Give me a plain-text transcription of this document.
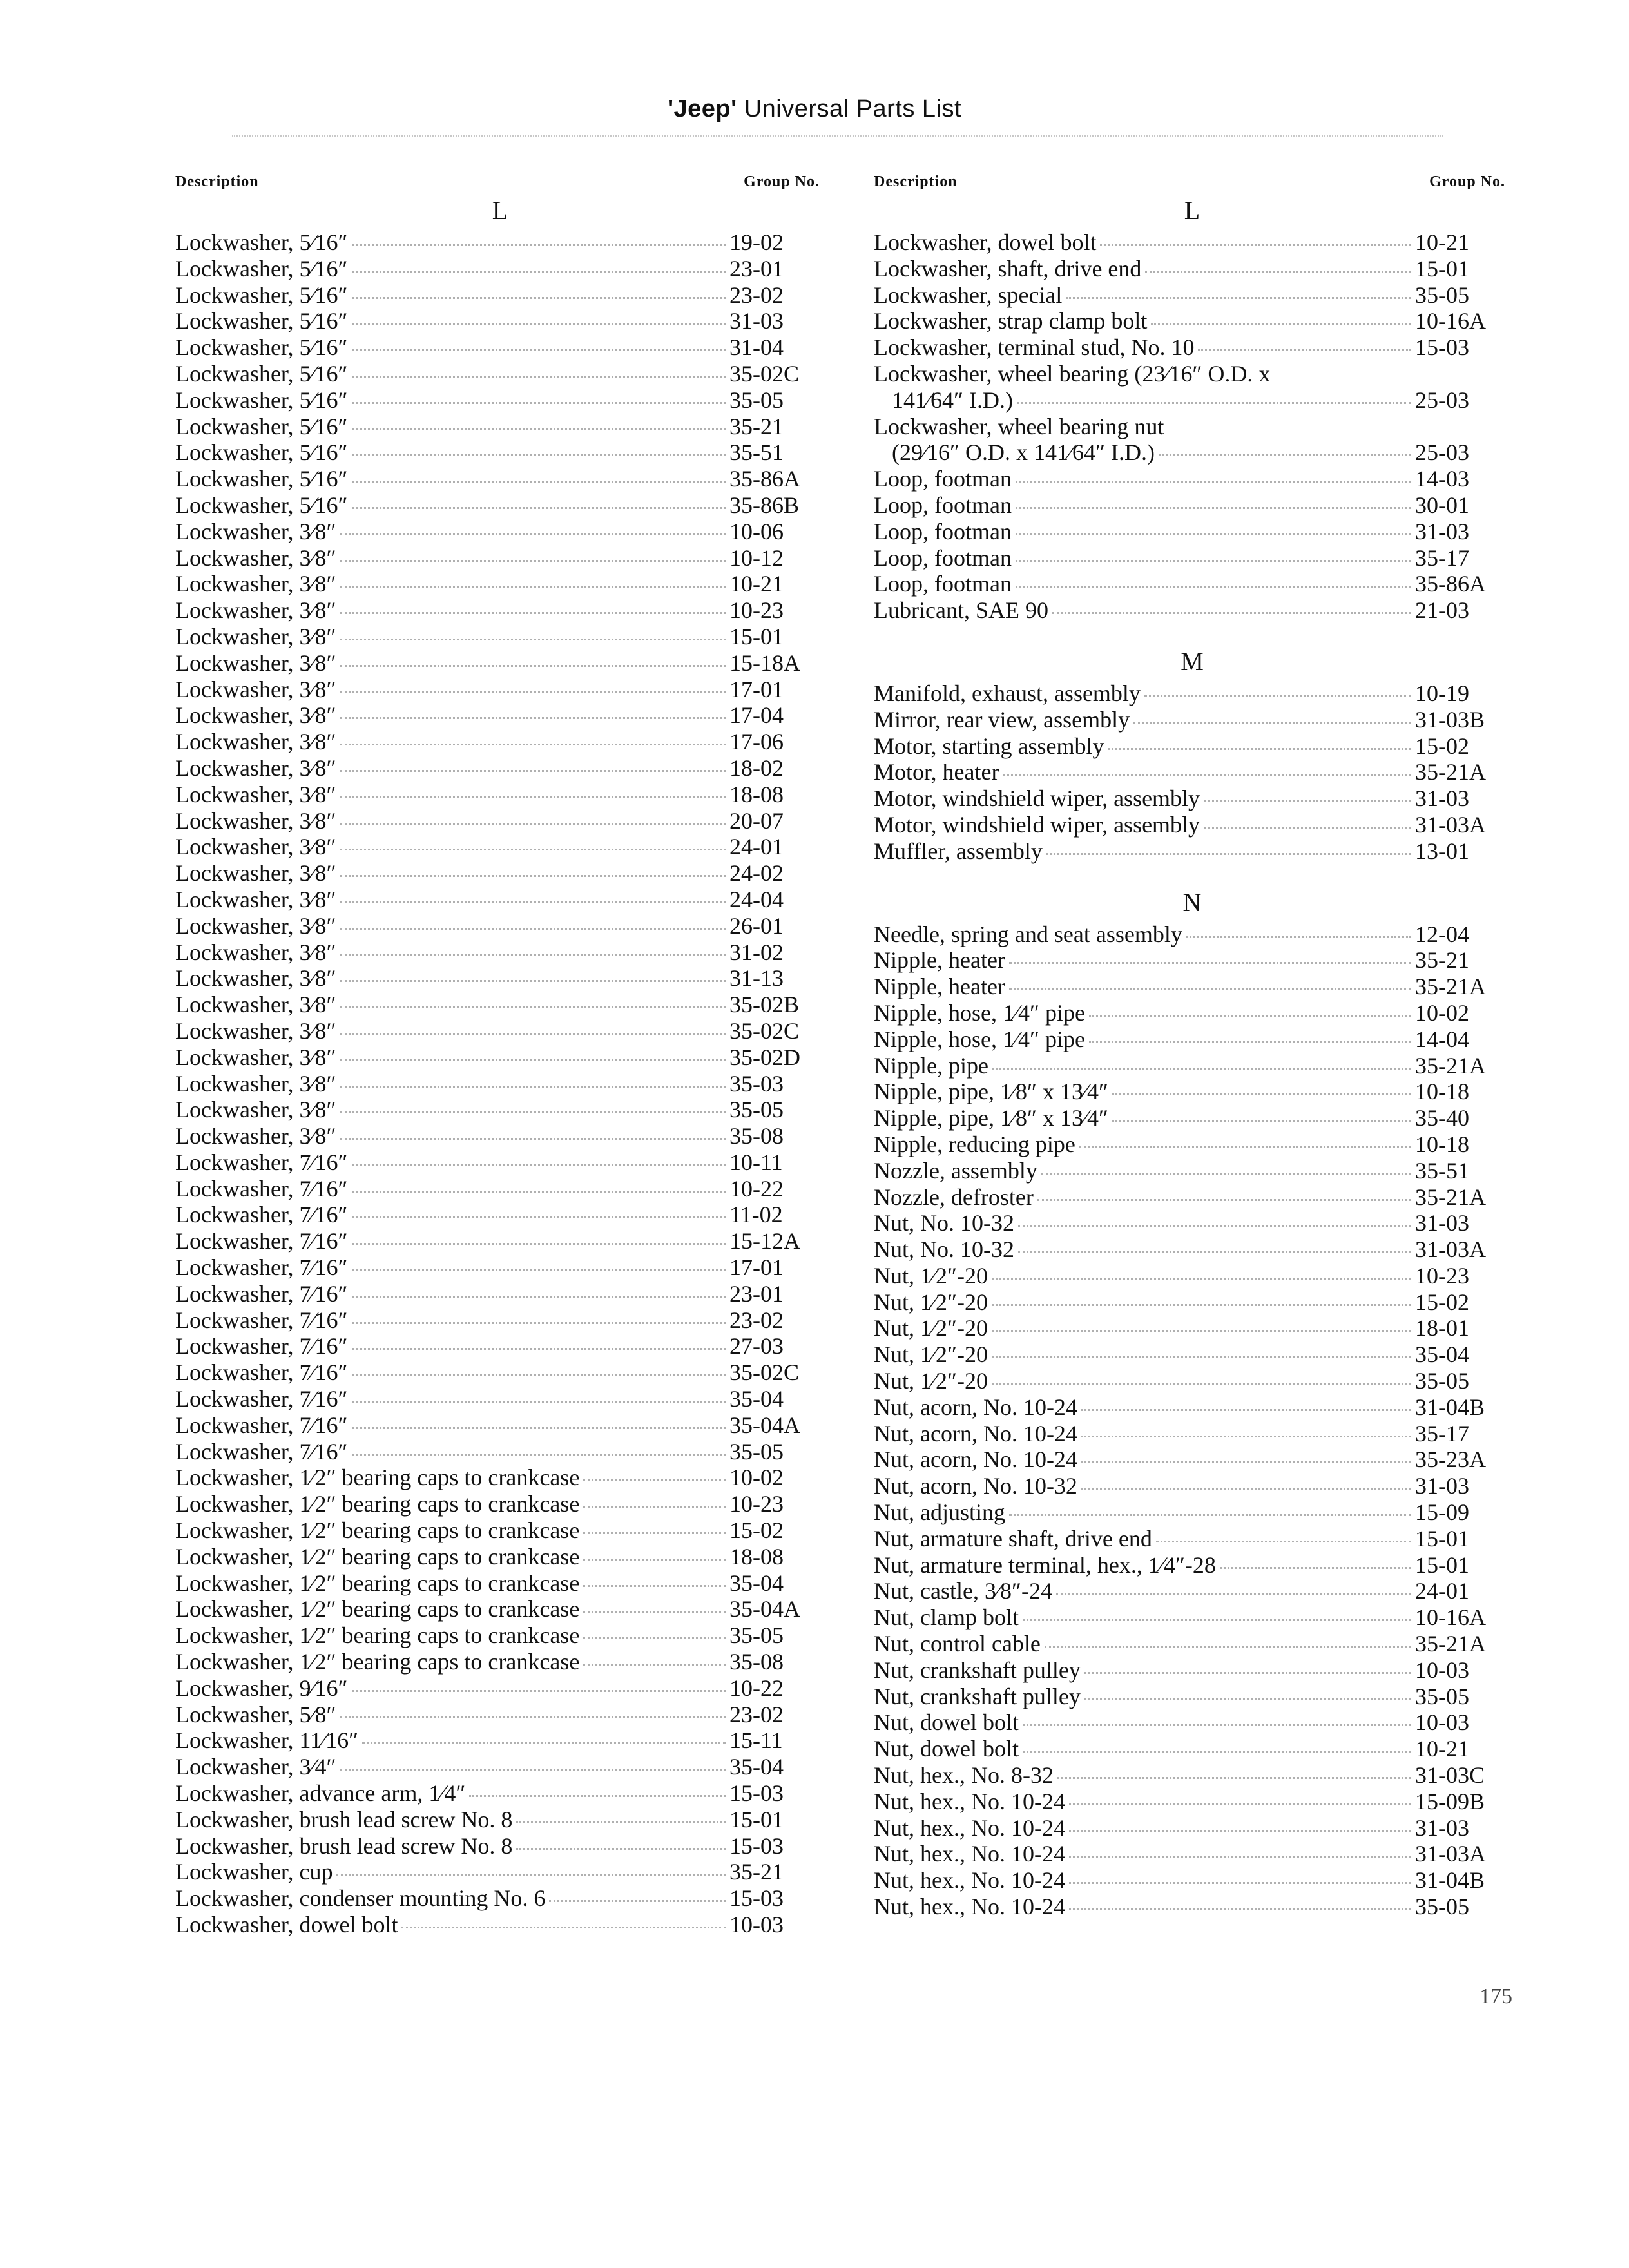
'Jeep' Universal Parts List
Description	Group No.
L
Lockwasher, 5⁄16″	19-02
Lockwasher, 5⁄16″	23-01
Lockwasher, 5⁄16″	23-02
Lockwasher, 5⁄16″	31-03
Lockwasher, 5⁄16″	31-04
Lockwasher, 5⁄16″	35-02C
Lockwasher, 5⁄16″	35-05
Lockwasher, 5⁄16″	35-21
Lockwasher, 5⁄16″	35-51
Lockwasher, 5⁄16″	35-86A
Lockwasher, 5⁄16″	35-86B
Lockwasher, 3⁄8″	10-06
Lockwasher, 3⁄8″	10-12
Lockwasher, 3⁄8″	10-21
Lockwasher, 3⁄8″	10-23
Lockwasher, 3⁄8″	15-01
Lockwasher, 3⁄8″	15-18A
Lockwasher, 3⁄8″	17-01
Lockwasher, 3⁄8″	17-04
Lockwasher, 3⁄8″	17-06
Lockwasher, 3⁄8″	18-02
Lockwasher, 3⁄8″	18-08
Lockwasher, 3⁄8″	20-07
Lockwasher, 3⁄8″	24-01
Lockwasher, 3⁄8″	24-02
Lockwasher, 3⁄8″	24-04
Lockwasher, 3⁄8″	26-01
Lockwasher, 3⁄8″	31-02
Lockwasher, 3⁄8″	31-13
Lockwasher, 3⁄8″	35-02B
Lockwasher, 3⁄8″	35-02C
Lockwasher, 3⁄8″	35-02D
Lockwasher, 3⁄8″	35-03
Lockwasher, 3⁄8″	35-05
Lockwasher, 3⁄8″	35-08
Lockwasher, 7⁄16″	10-11
Lockwasher, 7⁄16″	10-22
Lockwasher, 7⁄16″	11-02
Lockwasher, 7⁄16″	15-12A
Lockwasher, 7⁄16″	17-01
Lockwasher, 7⁄16″	23-01
Lockwasher, 7⁄16″	23-02
Lockwasher, 7⁄16″	27-03
Lockwasher, 7⁄16″	35-02C
Lockwasher, 7⁄16″	35-04
Lockwasher, 7⁄16″	35-04A
Lockwasher, 7⁄16″	35-05
Lockwasher, 1⁄2″ bearing caps to crankcase	10-02
Lockwasher, 1⁄2″ bearing caps to crankcase	10-23
Lockwasher, 1⁄2″ bearing caps to crankcase	15-02
Lockwasher, 1⁄2″ bearing caps to crankcase	18-08
Lockwasher, 1⁄2″ bearing caps to crankcase	35-04
Lockwasher, 1⁄2″ bearing caps to crankcase	35-04A
Lockwasher, 1⁄2″ bearing caps to crankcase	35-05
Lockwasher, 1⁄2″ bearing caps to crankcase	35-08
Lockwasher, 9⁄16″	10-22
Lockwasher, 5⁄8″	23-02
Lockwasher, 11⁄16″	15-11
Lockwasher, 3⁄4″	35-04
Lockwasher, advance arm, 1⁄4″	15-03
Lockwasher, brush lead screw No. 8	15-01
Lockwasher, brush lead screw No. 8	15-03
Lockwasher, cup	35-21
Lockwasher, condenser mounting No. 6	15-03
Lockwasher, dowel bolt	10-03
Description	Group No.
L
Lockwasher, dowel bolt	10-21
Lockwasher, shaft, drive end	15-01
Lockwasher, special	35-05
Lockwasher, strap clamp bolt	10-16A
Lockwasher, terminal stud, No. 10	15-03
Lockwasher, wheel bearing (23⁄16″ O.D. x
141⁄64″ I.D.)	25-03
Lockwasher, wheel bearing nut
(29⁄16″ O.D. x 141⁄64″ I.D.)	25-03
Loop, footman	14-03
Loop, footman	30-01
Loop, footman	31-03
Loop, footman	35-17
Loop, footman	35-86A
Lubricant, SAE 90	21-03
M
Manifold, exhaust, assembly	10-19
Mirror, rear view, assembly	31-03B
Motor, starting assembly	15-02
Motor, heater	35-21A
Motor, windshield wiper, assembly	31-03
Motor, windshield wiper, assembly	31-03A
Muffler, assembly	13-01
N
Needle, spring and seat assembly	12-04
Nipple, heater	35-21
Nipple, heater	35-21A
Nipple, hose, 1⁄4″ pipe	10-02
Nipple, hose, 1⁄4″ pipe	14-04
Nipple, pipe	35-21A
Nipple, pipe, 1⁄8″ x 13⁄4″	10-18
Nipple, pipe, 1⁄8″ x 13⁄4″	35-40
Nipple, reducing pipe	10-18
Nozzle, assembly	35-51
Nozzle, defroster	35-21A
Nut, No. 10-32	31-03
Nut, No. 10-32	31-03A
Nut, 1⁄2″-20	10-23
Nut, 1⁄2″-20	15-02
Nut, 1⁄2″-20	18-01
Nut, 1⁄2″-20	35-04
Nut, 1⁄2″-20	35-05
Nut, acorn, No. 10-24	31-04B
Nut, acorn, No. 10-24	35-17
Nut, acorn, No. 10-24	35-23A
Nut, acorn, No. 10-32	31-03
Nut, adjusting	15-09
Nut, armature shaft, drive end	15-01
Nut, armature terminal, hex., 1⁄4″-28	15-01
Nut, castle, 3⁄8″-24	24-01
Nut, clamp bolt	10-16A
Nut, control cable	35-21A
Nut, crankshaft pulley	10-03
Nut, crankshaft pulley	35-05
Nut, dowel bolt	10-03
Nut, dowel bolt	10-21
Nut, hex., No. 8-32	31-03C
Nut, hex., No. 10-24	15-09B
Nut, hex., No. 10-24	31-03
Nut, hex., No. 10-24	31-03A
Nut, hex., No. 10-24	31-04B
Nut, hex., No. 10-24	35-05
175
